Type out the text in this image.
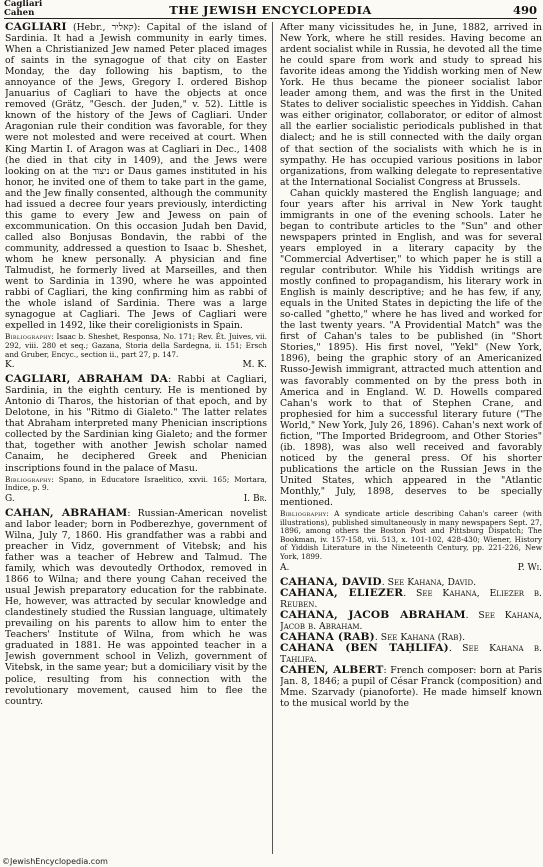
Cagliari
Cahen	THE JEWISH ENCYCLOPEDIA	490

CAGLIARI (Hebr., קאליר): Capital of the island of Sardinia. It had a Jewish community in early times. When a Christianized Jew named Peter placed images of saints in the synagogue of that city on Easter Monday, the day following his baptism, to the annoyance of the Jews, Gregory I. ordered Bishop Januarius of Cagliari to have the objects at once removed (Grätz, "Gesch. der Juden," v. 52). Little is known of the history of the Jews of Cagliari. Under Aragonian rule their condition was favorable, for they were not molested and were received at court. When King Martin I. of Aragon was at Cagliari in Dec., 1408 (he died in that city in 1409), and the Jews were looking on at the ניצוד or Daus games instituted in his honor, he invited one of them to take part in the game, and the Jew finally consented, although the community had issued a decree four years previously, interdicting this game to every Jew and Jewess on pain of excommunication. On this occasion Judah ben David, called also Bonjusas Bondavin, the rabbi of the community, addressed a question to Isaac b. Sheshet, whom he knew personally. A physician and fine Talmudist, he formerly lived at Marseilles, and then went to Sardinia in 1390, where he was appointed rabbi of Cagliari, the king confirming him as rabbi of the whole island of Sardinia. There was a large synagogue at Cagliari. The Jews of Cagliari were expelled in 1492, like their coreligionists in Spain.

Bibliography: Isaac b. Sheshet, Responsa, No. 171; Rev. Ét. Juives, vii. 292, viii. 280 et seq.; Gazana, Storia della Sardegna, ii. 151; Ersch and Gruber, Encyc., section ii., part 27, p. 147.

K.	M. K.

CAGLIARI, ABRAHAM DA: Rabbi at Cagliari, Sardinia, in the eighth century. He is mentioned by Antonio di Tharos, the historian of that epoch, and by Delotone, in his "Ritmo di Gialeto." The latter relates that Abraham interpreted many Phenician inscriptions collected by the Sardinian king Gialeto; and the former that, together with another Jewish scholar named Canaim, he deciphered Greek and Phenician inscriptions found in the palace of Masu.

Bibliography: Spano, in Educatore Israelitico, xxvii. 165; Mortara, Indice, p. 9.

G.	I. Br.

CAHAN, ABRAHAM: Russian-American novelist and labor leader; born in Podberezhye, government of Wilna, July 7, 1860. His grandfather was a rabbi and preacher in Vidz, government of Vitebsk; and his father was a teacher of Hebrew and Talmud. The family, which was devoutedly Orthodox, removed in 1866 to Wilna; and there young Cahan received the usual Jewish preparatory education for the rabbinate. He, however, was attracted by secular knowledge and clandestinely studied the Russian language, ultimately prevailing on his parents to allow him to enter the Teachers' Institute of Wilna, from which he was graduated in 1881. He was appointed teacher in a Jewish government school in Velizh, government of Vitebsk, in the same year; but a domiciliary visit by the police, resulting from his connection with the revolutionary movement, caused him to flee the country.

After many vicissitudes he, in June, 1882, arrived in New York, where he still resides. Having become an ardent socialist while in Russia, he devoted all the time he could spare from work and study to spread his favorite ideas among the Yiddish working men of New York. He thus became the pioneer socialist labor leader among them, and was the first in the United States to deliver socialistic speeches in Yiddish. Cahan was either originator, collaborator, or editor of almost all the earlier socialistic periodicals published in that dialect; and he is still connected with the daily organ of that section of the socialists with which he is in sympathy. He has occupied various positions in labor organizations, from walking delegate to representative at the International Socialist Congress at Brussels.

Cahan quickly mastered the English language; and four years after his arrival in New York taught immigrants in one of the evening schools. Later he began to contribute articles to the "Sun" and other newspapers printed in English, and was for several years employed in a literary capacity by the "Commercial Advertiser," to which paper he is still a regular contributor. While his Yiddish writings are mostly confined to propagandism, his literary work in English is mainly descriptive; and he has few, if any, equals in the United States in depicting the life of the so-called "ghetto," where he has lived and worked for the last twenty years. "A Providential Match" was the first of Cahan's tales to be published (in "Short Stories," 1895). His first novel, "Yekl" (New York, 1896), being the graphic story of an Americanized Russo-Jewish immigrant, attracted much attention and was favorably commented on by the press both in America and in England. W. D. Howells compared Cahan's work to that of Stephen Crane, and prophesied for him a successful literary future ("The World," New York, July 26, 1896). Cahan's next work of fiction, "The Imported Bridegroom, and Other Stories" (ib. 1898), was also well received and favorably noticed by the general press. Of his shorter publications the article on the Russian Jews in the United States, which appeared in the "Atlantic Monthly," July, 1898, deserves to be specially mentioned.

Bibliography: A syndicate article describing Cahan's career (with illustrations), published simultaneously in many newspapers Sept. 27, 1896, among others the Boston Post and Pittsburg Dispatch; The Bookman, iv. 157-158, vii. 513, x. 101-102, 428-430; Wiener, History of Yiddish Literature in the Nineteenth Century, pp. 221-226, New York, 1899.

A.	P. Wi.

CAHANA, DAVID. See Kahana, David.

CAHANA, ELIEZER. See Kahana, Eliezer b. Reuben.

CAHANA, JACOB ABRAHAM. See Kahana, Jacob b. Abraham.

CAHANA (RAB). See Kahana (Rab).

CAHANA (BEN TAḤLIFA). See Kahana b. Taḥlifa.

CAHEN, ALBERT: French composer: born at Paris Jan. 8, 1846; a pupil of César Franck (composition) and Mme. Szarvady (pianoforte). He made himself known to the musical world by the

©JewishEncyclopedia.com
